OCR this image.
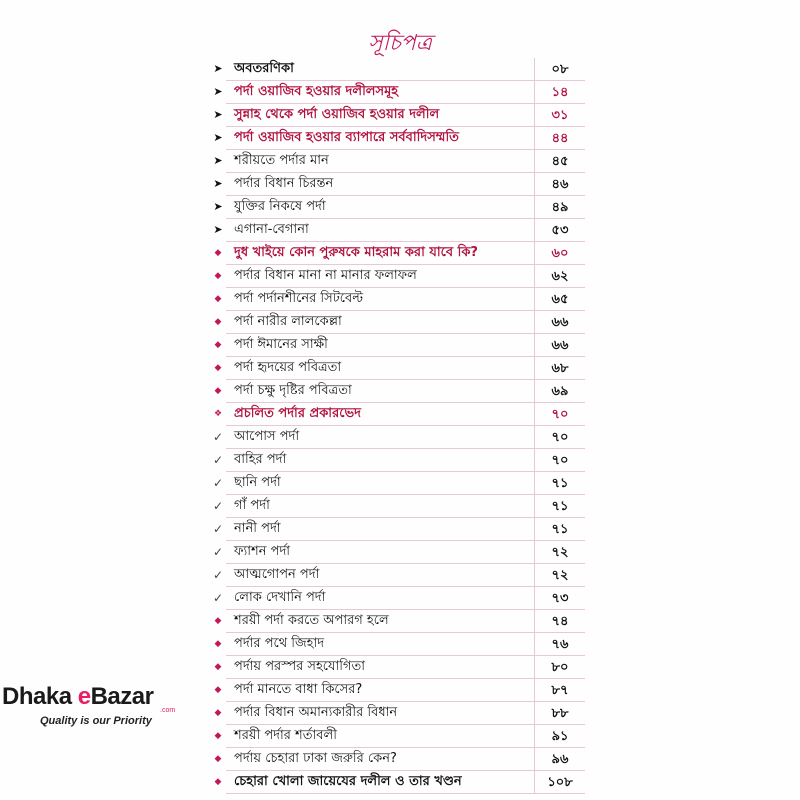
সূচিপত্র
➤ অবতরণিকা	০৮
➤ পর্দা ওয়াজিব হওয়ার দলীলসমূহ	১৪
➤ সুন্নাহ থেকে পর্দা ওয়াজিব হওয়ার দলীল	৩১
➤ পর্দা ওয়াজিব হওয়ার ব্যাপারে সর্ববাদিসম্মতি	৪৪
➤ শরীয়তে পর্দার মান	৪৫
➤ পর্দার বিধান চিরন্তন	৪৬
➤ যুক্তির নিকষে পর্দা	৪৯
➤ এগানা-বেগানা	৫৩
◆ দুধ খাইয়ে কোন পুরুষকে মাহরাম করা যাবে কি?	৬০
◆ পর্দার বিধান মানা না মানার ফলাফল	৬২
◆ পর্দা পর্দানশীনের সিটবেল্ট	৬৫
◆ পর্দা নারীর লালকেল্লা	৬৬
◆ পর্দা ঈমানের সাক্ষী	৬৬
◆ পর্দা হৃদয়ের পবিত্রতা	৬৮
◆ পর্দা চক্ষু দৃষ্টির পবিত্রতা	৬৯
❖ প্রচলিত পর্দার প্রকারভেদ	৭০
✓ আপোস পর্দা	৭০
✓ বাহির পর্দা	৭০
✓ ছানি পর্দা	৭১
✓ গাঁ পর্দা	৭১
✓ নানী পর্দা	৭১
✓ ফ্যাশন পর্দা	৭২
✓ আত্মগোপন পর্দা	৭২
✓ লোক দেখানি পর্দা	৭৩
◆ শরয়ী পর্দা করতে অপারগ হলে	৭৪
◆ পর্দার পথে জিহাদ	৭৬
◆ পর্দায় পরস্পর সহযোগিতা	৮০
◆ পর্দা মানতে বাধা কিসের?	৮৭
◆ পর্দার বিধান অমান্যকারীর বিধান	৮৮
◆ শরয়ী পর্দার শর্তাবলী	৯১
◆ পর্দায় চেহারা ঢাকা জরুরি কেন?	৯৬
◆ চেহারা খোলা জায়েযের দলীল ও তার খণ্ডন	১০৮
Dhaka eBazar
.com
Quality is our Priority
